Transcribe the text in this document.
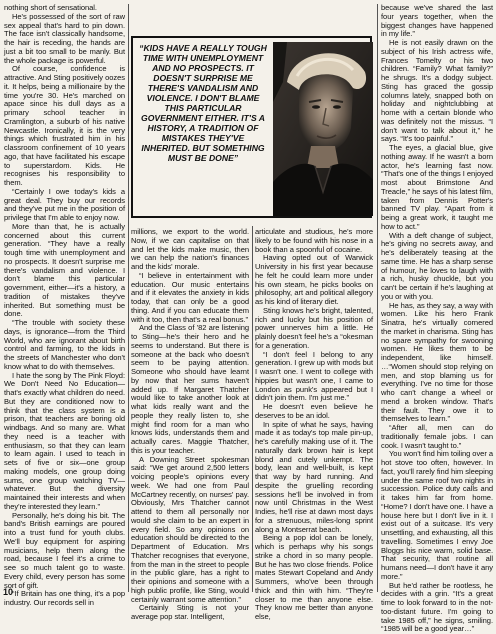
nothing short of sensational.

He's possessed of the sort of raw sex appeal that's hard to pin down. The face isn't classically handsome, the hair is receding, the hands are just a bit too small to be manly. But the whole package is powerful.

Of course, confidence is attractive. And Sting positively oozes it. It helps, being a millionaire by the time you're 30. He's marched on apace since his dull days as a primary school teacher in Cramlington, a suburb of his native Newcastle. Ironically, it is the very things which frustrated him in his classroom confinement of 10 years ago, that have facilitated his escape to superstardom. Kids. He recognises his responsibility to them.

“Certainly I owe today's kids a great deal. They buy our records and they've put me in the position of privilege that I'm able to enjoy now.

More than that, he is actually concerned about this current generation. “They have a really tough time with unemployment and no prospects. It doesn't surprise me there's vandalism and violence. I don't blame this particular government, either—it's a history, a tradition of mistakes they've inherited. But something must be done.

“The trouble with society these days, is ignorance—from the Third World, who are ignorant about birth control and farming, to the kids in the streets of Manchester who don't know what to do with themselves.

I hate the song by The Pink Floyd: We Don't Need No Education—that's exactly what children do need. But they are conditioned now to think that the class system is a prison, that teachers are boring old windbags. And so many are. What they need is a teacher with enthusiasm, so that they can learn to learn again. I used to teach in sets of five or six—one group making models, one group doing sums, one group watching TV—whatever. But the diversity maintained their interests and when they're interested they learn.”

Personally, he's doing his bit. The band's British earnings are poured into a trust fund for youth clubs. We'll buy equipment for aspiring musicians, help them along the road, because I feel it's a crime to see so much talent go to waste. Every child, every person has some sort of gift.

“If Britain has one thing, it's a pop industry. Our records sell in

millions, we export to the world. Now, if we can capitalise on that and let the kids make music, then we can help the nation's finances and the kids' morale.

“I believe in entertainment with education. Our music entertains and if it elevates the anxiety in kids today, that can only be a good thing. And if you can educate them with it too, then that's a real bonus.”

And the Class of '82 are listening to Sting—he's their hero and he seems to understand. But there is someone at the back who doesn't seem to be paying attention. Someone who should have learnt by now that her sums haven't added up. If Margaret Thatcher would like to take another look at what kids really want and the people they really listen to, she might find room for a man who knows kids, understands them and actually cares. Maggie Thatcher, this is your teacher.

A Downing Street spokesman said: “We get around 2,500 letters voicing people's opinions every week. We had one from Paul McCartney recently, on nurses' pay. Obviously, Mrs Thatcher cannot attend to them all personally nor would she claim to be an expert in every field. So any opinions on education should be directed to the Department of Education. Mrs Thatcher recognises that everyone, from the man in the street to people in the public glare, has a right to their opinions and someone with a high public profile, like Sting, would certainly warrant some attention.”

Certainly Sting is not your average pop star. Intelligent,

articulate and studious, he's more likely to be found with his nose in a book than a spoonful of cocaine.

Having opted out of Warwick University in his first year because he felt he could learn more under his own steam, he picks books on philosophy, art and political allegory as his kind of literary diet.

Sting knows he's bright, talented, rich and lucky but his position of power unnerves him a little. He plainly doesn't feel he's a “okesman for a generation.

“I don't feel I belong to any generation. I grew up with mods but I wasn't one. I went to college with hippies but wasn't one, I came to London as punk's appeared but I didn't join them. I'm just me.”

He doesn't even believe he deserves to be an idol.

In spite of what he says, having made it as today's top male pin-up, he's carefully making use of it. The naturally dark brown hair is kept blond and cutely unkempt. The body, lean and well-built, is kept that way by hard running. And despite the gruelling recording sessions he'll be involved in from now until Christmas in the West Indies, he'll rise at dawn most days for a strenuous, miles-long sprint along a Montserrat beach.

Being a pop idol can be lonely, which is perhaps why his songs strike a chord in so many people. But he has two close friends. Police mates Stewart Copeland and Andy Summers, who've been through thick and thin with him. “They're closer to me than anyone else. They know me better than anyone else,

because we've shared the last four years together, when the biggest changes have happened in my life.”

He is not easily drawn on the subject of his Irish actress wife, Frances Tomelty or his two children. “Family? What family?” he shrugs. It's a dodgy subject. Sting has graced the gossip columns lately, snapped both on holiday and nightclubbing at home with a certain blonde who was definitely not the missus. “I don't want to talk about it,” he says. “It's too painful.”

The eyes, a glacial blue, give nothing away. If he wasn't a born actor, he's learning fast now. “That's one of the things I enjoyed most about Brimstone And Treacle,” he says of his latest film, taken from Dennis Potter's banned TV play. “Apart from it being a great work, it taught me how to act.”

With a deft change of subject, he's giving no secrets away, and he's deliberately teasing at the same time. He has a sharp sense of humour, he loves to laugh with a rich, husky chuckle, but you can't be certain if he's laughing at you or with you.

He has, as they say, a way with women. Like his hero Frank Sinatra, he's virtually cornered the market in charisma. Sting has no spare sympathy for swooning women. He likes them to be independent, like himself. …“Women should stop relying on men, and stop blaming us for everything. I've no time for those who can't change a wheel or mend a broken window. That's their fault. They owe it to themselves to learn.”

“After all, men can do traditionally female jobs. I can cook. I wasn't taught to.”

You won't find him toiling over a hot stove too often, however. In fact, you'll rarely find him sleeping under the same roof two nights in succession. Police duty calls and it takes him far from home. “Home? I don't have one. I have a house here but I don't live in it. I exist out of a suitcase. It's very unsettling, and exhausting, all this travelling. Sometimes I envy Joe Bloggs his nice warm, solid base. That security, that routine all humans need—I don't have it any more.”

But he'd rather be rootless, he decides with a grin. “It's a great time to look forward to in the not-too-distant future. I'm going to take 1985 off,” he signs, smiling. “1985 will be a good year…”

“KIDS HAVE A REALLY TOUGH TIME WITH UNEMPLOYMENT AND NO PROSPECTS. IT DOESN'T SURPRISE ME THERE'S VANDALISM AND VIOLENCE. I DON'T BLAME THIS PARTICULAR GOVERNMENT EITHER. IT'S A HISTORY, A TRADITION OF MISTAKES THEY'VE INHERITED. BUT SOMETHING MUST BE DONE”
10
